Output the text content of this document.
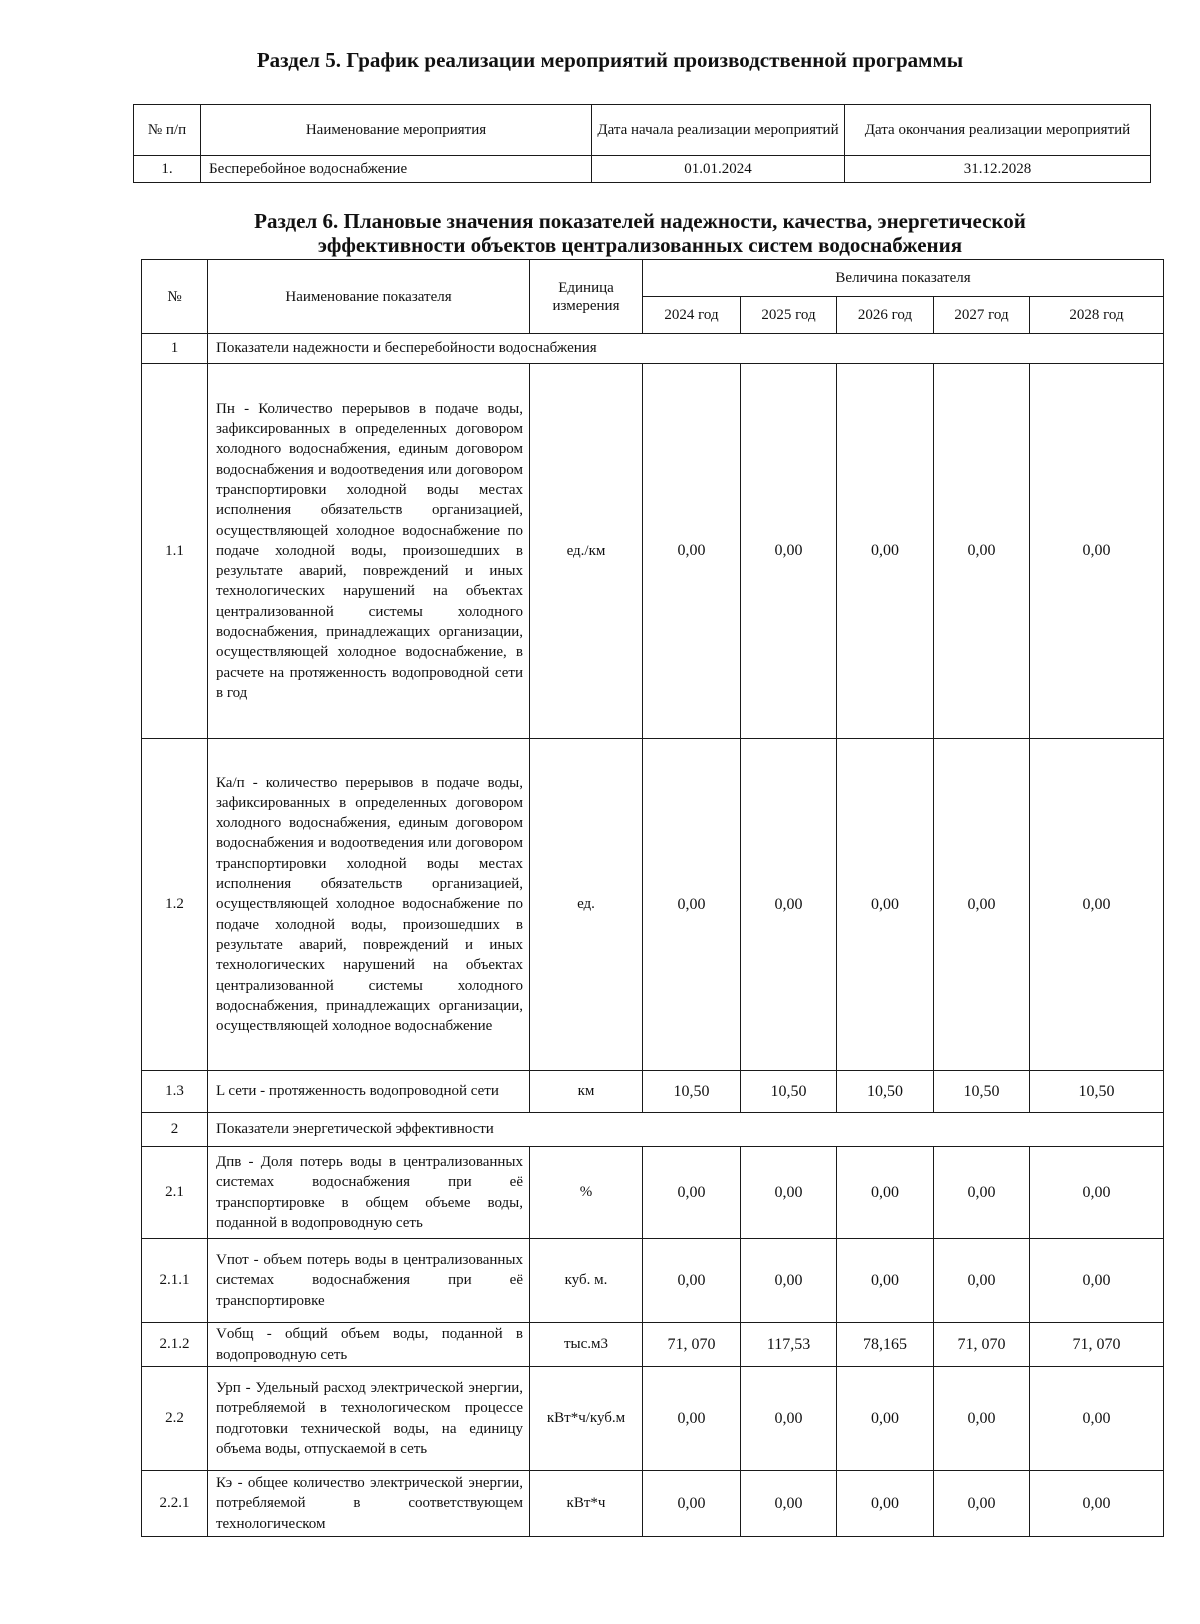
Раздел 5. График реализации мероприятий производственной программы
№ п/п	Наименование мероприятия	Дата начала реализации мероприятий	Дата окончания реализации мероприятий
1.	Бесперебойное водоснабжение	01.01.2024	31.12.2028
Раздел 6. Плановые значения показателей надежности, качества, энергетической
эффективности объектов централизованных систем водоснабжения
№	Наименование показателя	Единица измерения	Величина показателя				
			2024 год	2025 год	2026 год	2027 год	2028 год
1	Показатели надежности и бесперебойности водоснабжения						
1.1	Пн - Количество перерывов в подаче воды, зафиксированных в определенных договором холодного водоснабжения, единым договором водоснабжения и водоотведения или договором транспортировки холодной воды местах исполнения обязательств организацией, осуществляющей холодное водоснабжение по подаче холодной воды, произошедших в результате аварий, повреждений и иных технологических нарушений на объектах централизованной системы холодного водоснабжения, принадлежащих организации, осуществляющей холодное водоснабжение, в расчете на протяженность водопроводной сети в год	ед./км	0,00	0,00	0,00	0,00	0,00
1.2	Ка/п - количество перерывов в подаче воды, зафиксированных в определенных договором холодного водоснабжения, единым договором водоснабжения и водоотведения или договором транспортировки холодной воды местах исполнения обязательств организацией, осуществляющей холодное водоснабжение по подаче холодной воды, произошедших в результате аварий, повреждений и иных технологических нарушений на объектах централизованной системы холодного водоснабжения, принадлежащих организации, осуществляющей холодное водоснабжение	ед.	0,00	0,00	0,00	0,00	0,00
1.3	L сети - протяженность водопроводной сети	км	10,50	10,50	10,50	10,50	10,50
2	Показатели энергетической эффективности						
2.1	Дпв - Доля потерь воды в централизованных системах водоснабжения при её транспортировке в общем объеме воды, поданной в водопроводную сеть	%	0,00	0,00	0,00	0,00	0,00
2.1.1	Vпот - объем потерь воды в централизованных системах водоснабжения при её транспортировке	куб. м.	0,00	0,00	0,00	0,00	0,00
2.1.2	Vобщ - общий объем воды, поданной в водопроводную сеть	тыс.м3	71, 070	117,53	78,165	71, 070	71, 070
2.2	Урп - Удельный расход электрической энергии, потребляемой в технологическом процессе подготовки технической воды, на единицу объема воды, отпускаемой в сеть	кВт*ч/куб.м	0,00	0,00	0,00	0,00	0,00
2.2.1	Кэ - общее количество электрической энергии, потребляемой в соответствующем технологическом	кВт*ч	0,00	0,00	0,00	0,00	0,00
